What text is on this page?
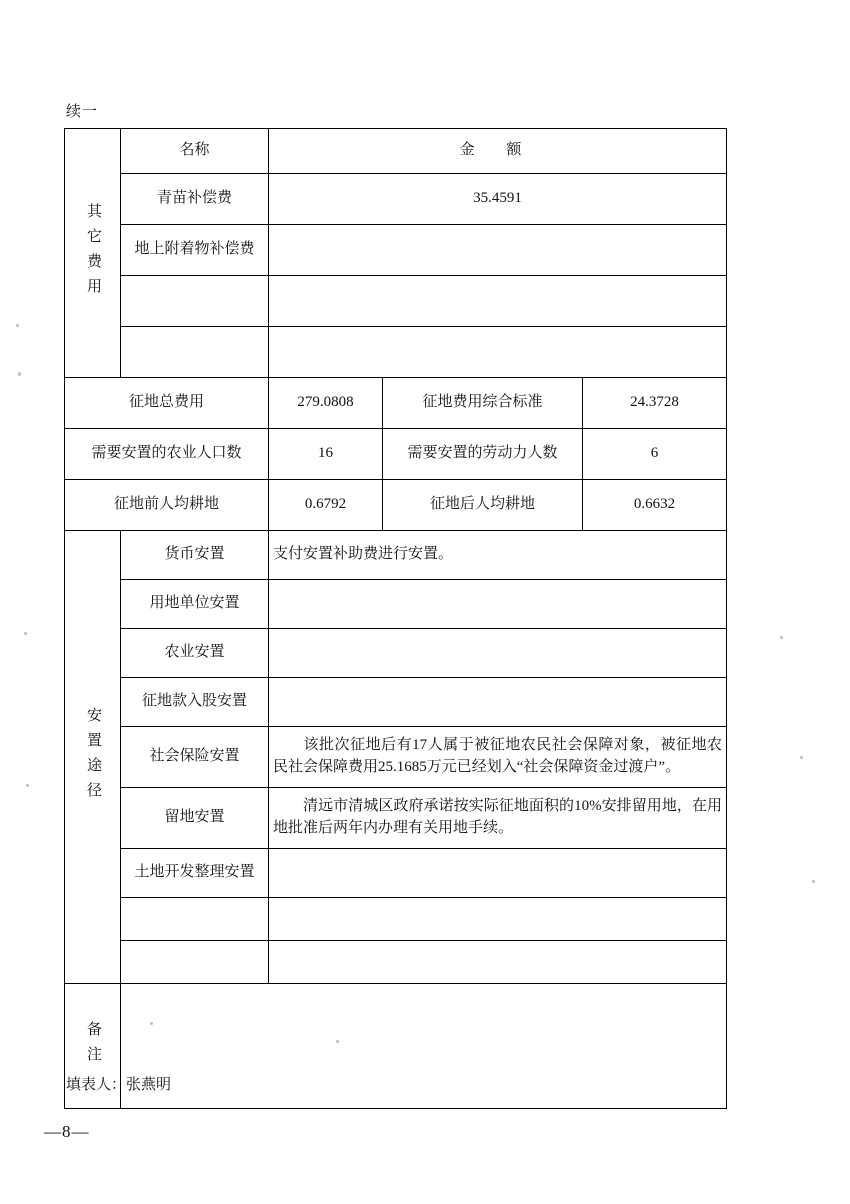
续一
其它费用	名称	金 额		
	青苗补偿费	35.4591		
	地上附着物补偿费			

征地总费用		279.0808	征地费用综合标准	24.3728
需要安置的农业人口数		16	需要安置的劳动力人数	6
征地前人均耕地		0.6792	征地后人均耕地	0.6632

安置途径	货币安置	支付安置补助费进行安置。		
	用地单位安置			
	农业安置			
	征地款入股安置			
	社会保险安置	该批次征地后有17人属于被征地农民社会保障对象，被征地农民社会保障费用25.1685万元已经划入“社会保障资金过渡户”。		
	留地安置	清远市清城区政府承诺按实际征地面积的10%安排留用地，在用地批准后两年内办理有关用地手续。		
	土地开发整理安置			

备注				

填表人：张燕明
—8—
